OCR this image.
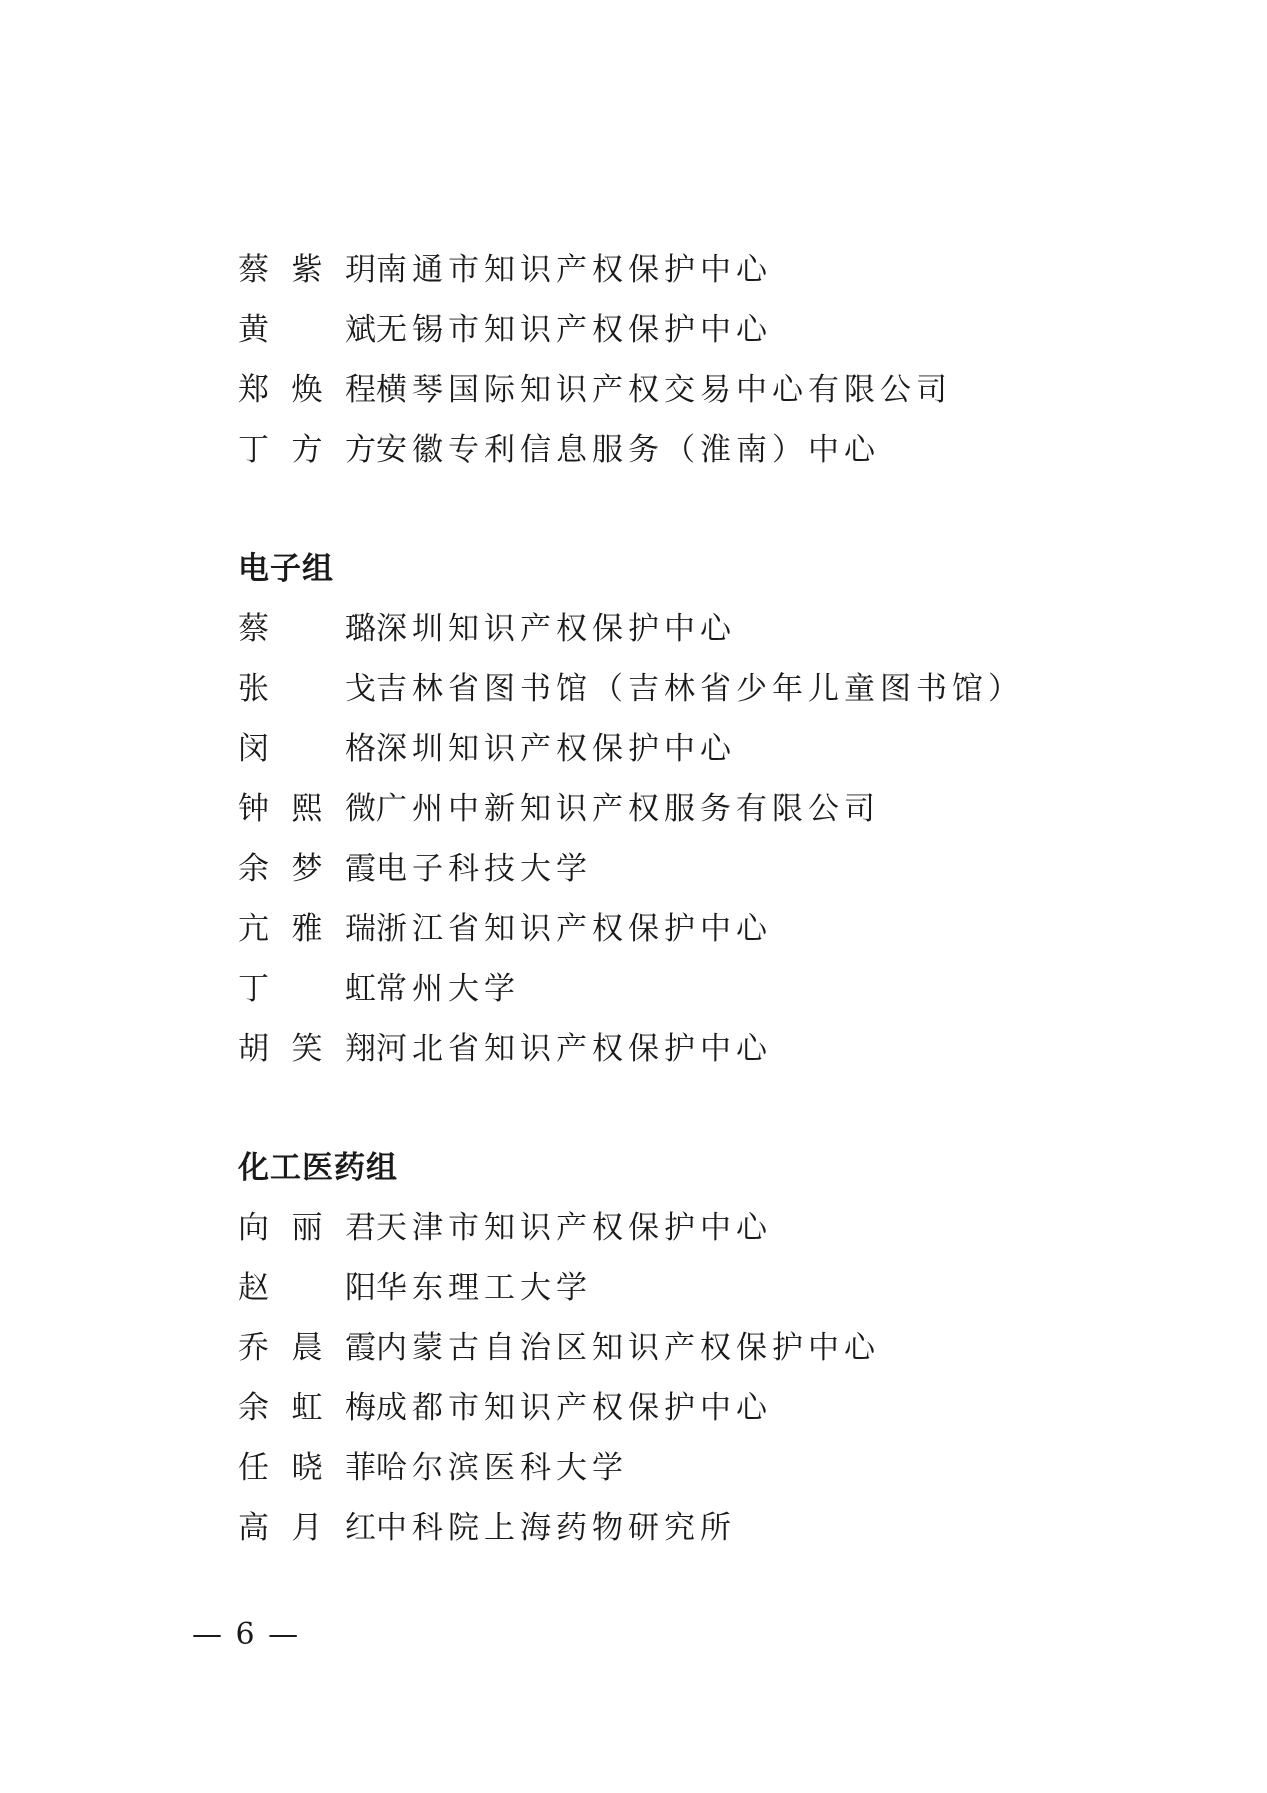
蔡 紫 玥 南通市知识产权保护中心
黄 斌 无锡市知识产权保护中心
郑 焕 程 横琴国际知识产权交易中心有限公司
丁 方 方 安徽专利信息服务（淮南）中心
电子组
蔡 璐 深圳知识产权保护中心
张 戈 吉林省图书馆（吉林省少年儿童图书馆）
闵 格 深圳知识产权保护中心
钟 熙 微 广州中新知识产权服务有限公司
余 梦 霞 电子科技大学
亢 雅 瑞 浙江省知识产权保护中心
丁 虹 常州大学
胡 笑 翔 河北省知识产权保护中心
化工医药组
向 丽 君 天津市知识产权保护中心
赵 阳 华东理工大学
乔 晨 霞 内蒙古自治区知识产权保护中心
余 虹 梅 成都市知识产权保护中心
任 晓 菲 哈尔滨医科大学
高 月 红 中科院上海药物研究所
— 6 —
